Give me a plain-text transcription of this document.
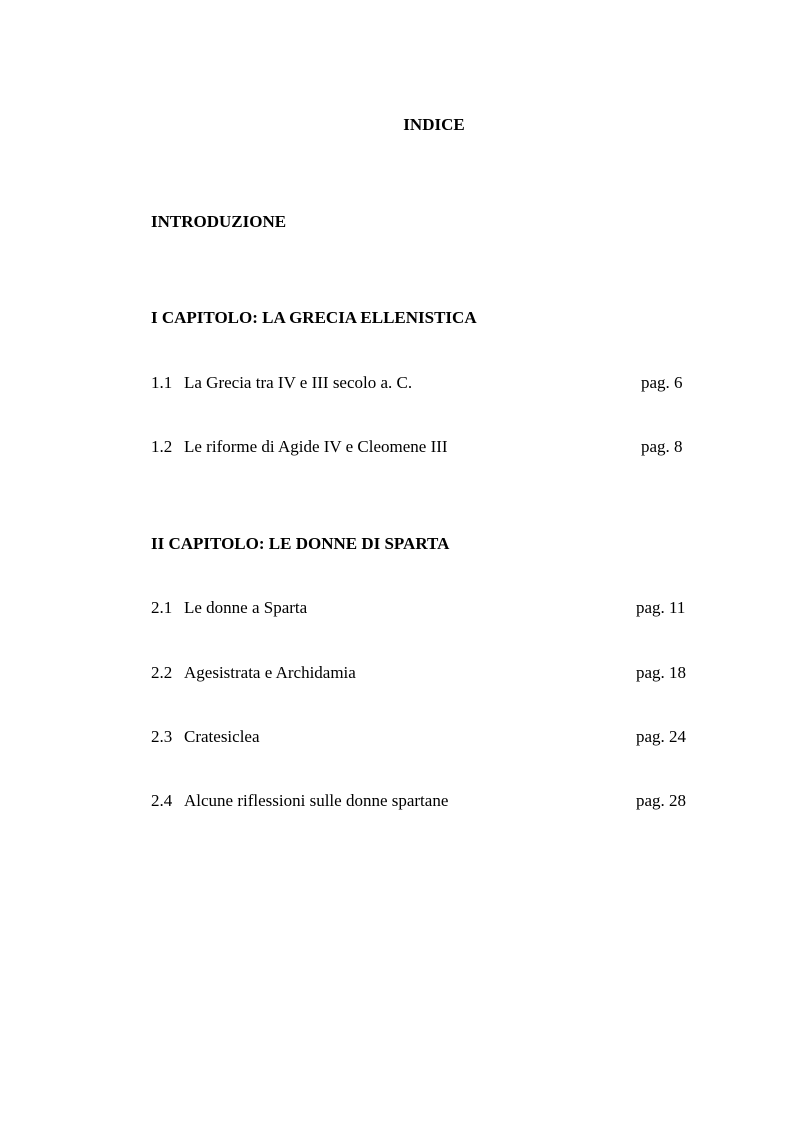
INDICE
INTRODUZIONE
I CAPITOLO: LA GRECIA ELLENISTICA
1.1 La Grecia tra IV e III secolo a. C.	pag. 6
1.2 Le riforme di Agide IV e Cleomene III	pag. 8
II CAPITOLO: LE DONNE DI SPARTA
2.1 Le donne a Sparta	pag. 11
2.2 Agesistrata e Archidamia	pag. 18
2.3 Cratesiclea	pag. 24
2.4 Alcune riflessioni sulle donne spartane	pag. 28
